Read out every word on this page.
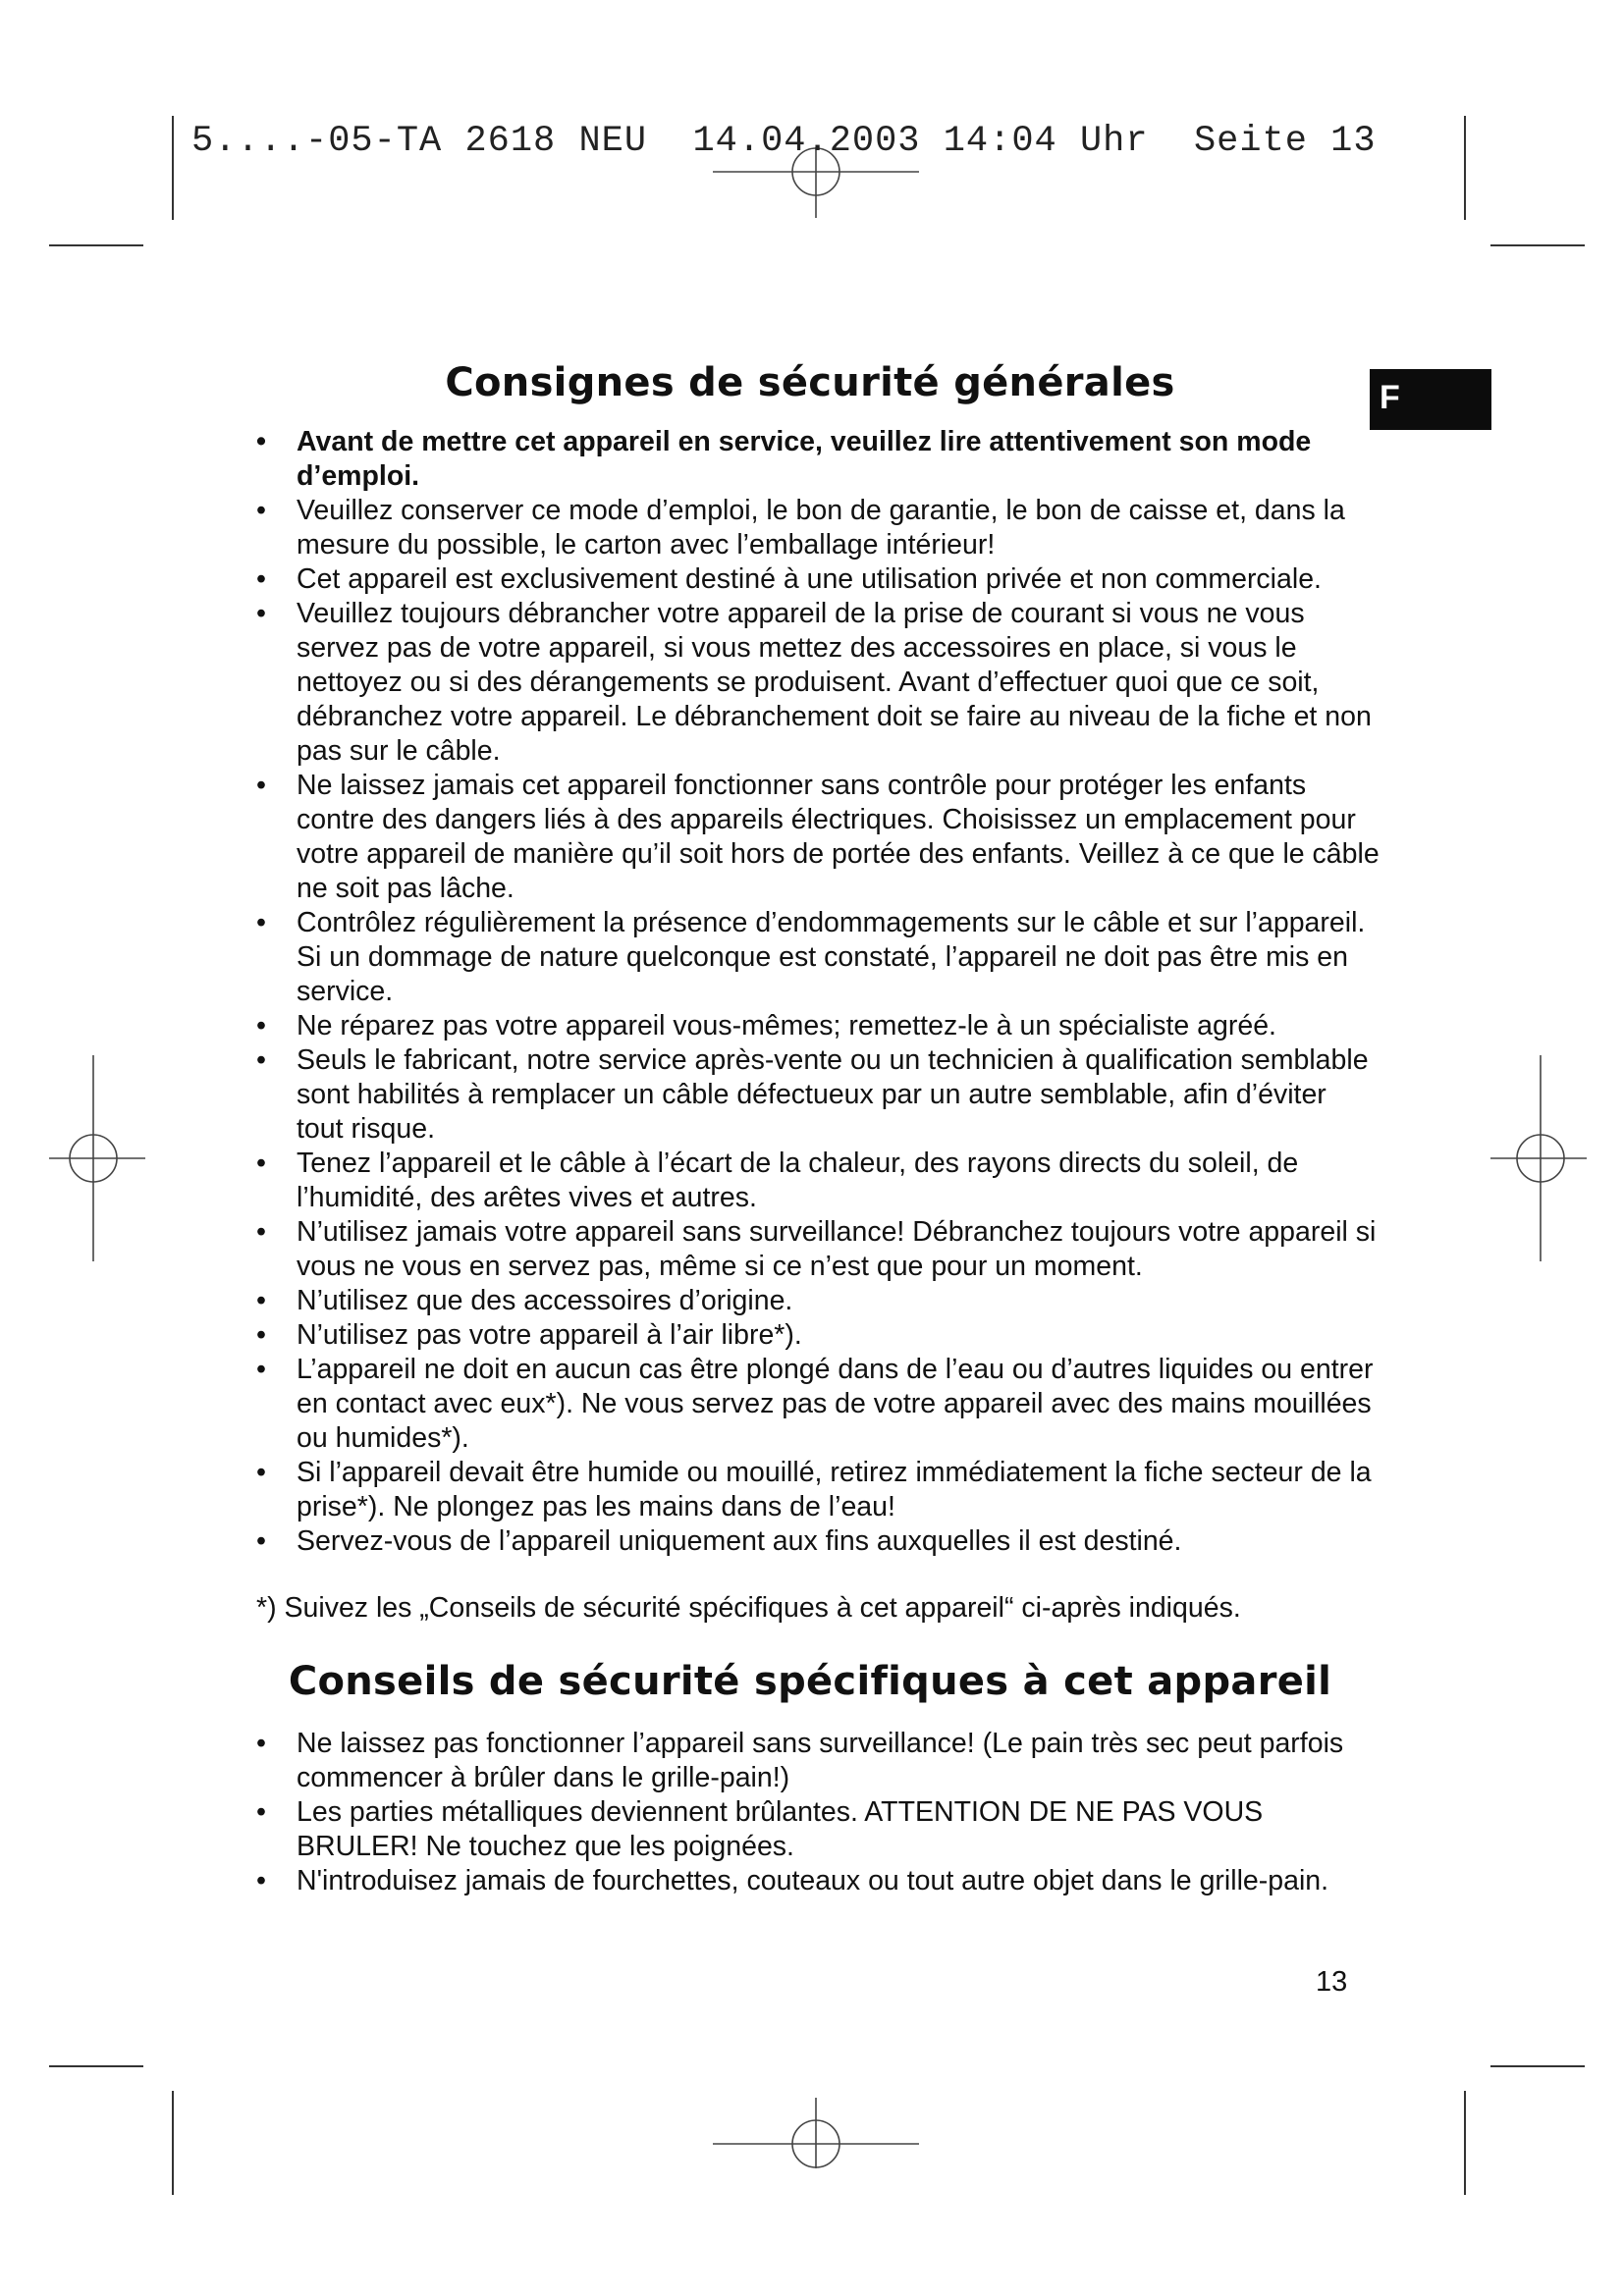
5....-05-TA 2618 NEU  14.04.2003 14:04 Uhr  Seite 13
F
Consignes de sécurité générales
• Avant de mettre cet appareil en service, veuillez lire attentivement son mode d’emploi.
• Veuillez conserver ce mode d’emploi, le bon de garantie, le bon de caisse et, dans la mesure du possible, le carton avec l’emballage intérieur!
• Cet appareil est exclusivement destiné à une utilisation privée et non commerciale.
• Veuillez toujours débrancher votre appareil de la prise de courant si vous ne vous servez pas de votre appareil, si vous mettez des accessoires en place, si vous le nettoyez ou si des dérangements se produisent. Avant d’effectuer quoi que ce soit, débranchez votre appareil. Le débranchement doit se faire au niveau de la fiche et non pas sur le câble.
• Ne laissez jamais cet appareil fonctionner sans contrôle pour protéger les enfants contre des dangers liés à des appareils électriques. Choisissez un emplacement pour votre appareil de manière qu’il soit hors de portée des enfants. Veillez à ce que le câble ne soit pas lâche.
• Contrôlez régulièrement la présence d’endommagements sur le câble et sur l’appareil. Si un dommage de nature quelconque est constaté, l’appareil ne doit pas être mis en service.
• Ne réparez pas votre appareil vous-mêmes; remettez-le à un spécialiste agréé.
• Seuls le fabricant, notre service après-vente ou un technicien à qualification semblable sont habilités à remplacer un câble défectueux par un autre semblable, afin d’éviter tout risque.
• Tenez l’appareil et le câble à l’écart de la chaleur, des rayons directs du soleil, de l’humidité, des arêtes vives et autres.
• N’utilisez jamais votre appareil sans surveillance! Débranchez toujours votre appareil si vous ne vous en servez pas, même si ce n’est que pour un moment.
• N’utilisez que des accessoires d’origine.
• N’utilisez pas votre appareil à l’air libre*).
• L’appareil ne doit en aucun cas être plongé dans de l’eau ou d’autres liquides ou entrer en contact avec eux*). Ne vous servez pas de votre appareil avec des mains mouillées ou humides*).
• Si l’appareil devait être humide ou mouillé, retirez immédiatement la fiche secteur de la prise*). Ne plongez pas les mains dans de l’eau!
• Servez-vous de l’appareil uniquement aux fins auxquelles il est destiné.
*) Suivez les „Conseils de sécurité spécifiques à cet appareil“ ci-après indiqués.
Conseils de sécurité spécifiques à cet appareil
• Ne laissez pas fonctionner l’appareil sans surveillance! (Le pain très sec peut parfois commencer à brûler dans le grille-pain!)
• Les parties métalliques deviennent brûlantes. ATTENTION DE NE PAS VOUS BRULER! Ne touchez que les poignées.
• N'introduisez jamais de fourchettes, couteaux ou tout autre objet dans le grille-pain.
13
